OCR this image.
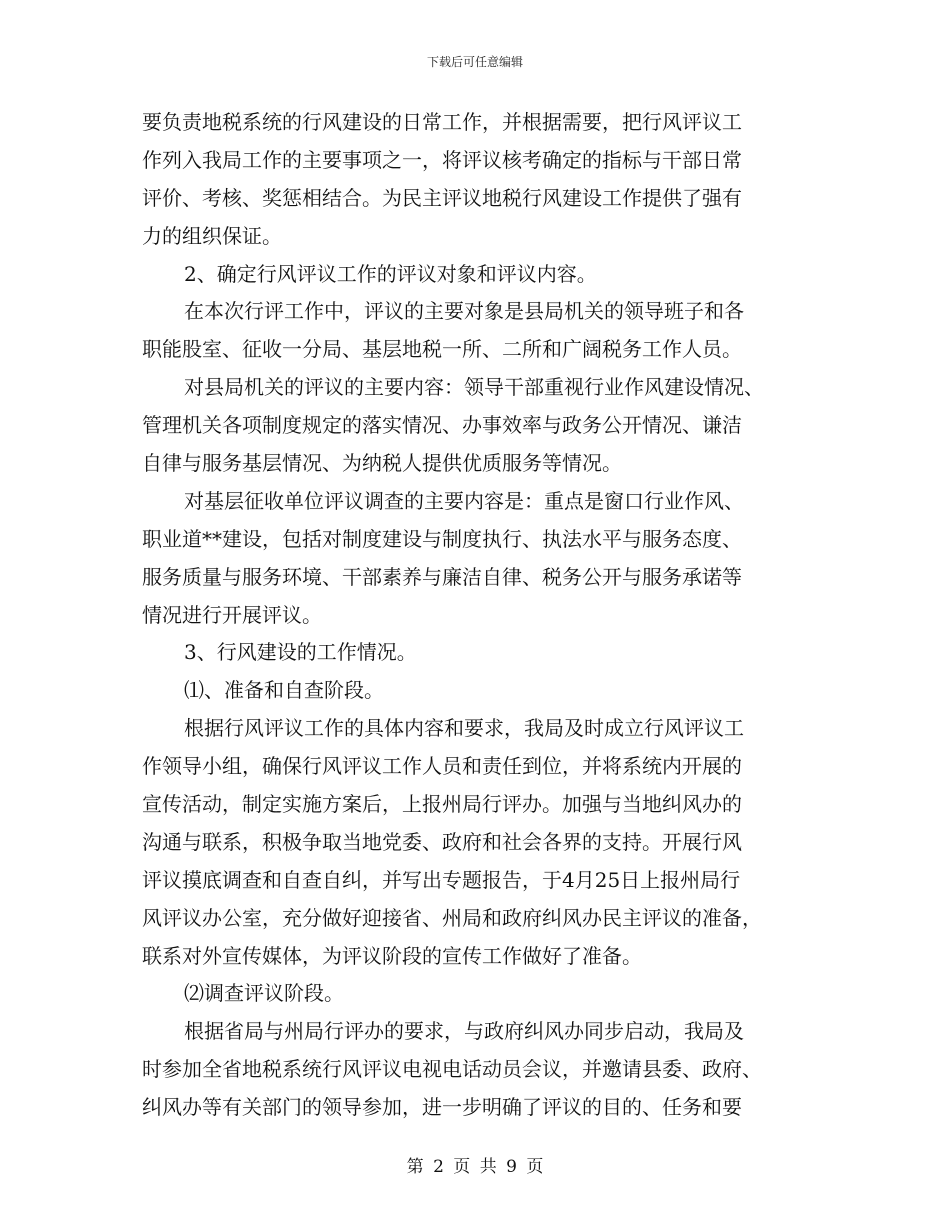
下载后可任意编辑
要负责地税系统的行风建设的日常工作，并根据需要，把行风评议工
作列入我局工作的主要事项之一，将评议核考确定的指标与干部日常
评价、考核、奖惩相结合。为民主评议地税行风建设工作提供了强有
力的组织保证。
2、确定行风评议工作的评议对象和评议内容。
在本次行评工作中，评议的主要对象是县局机关的领导班子和各
职能股室、征收一分局、基层地税一所、二所和广阔税务工作人员。
对县局机关的评议的主要内容：领导干部重视行业作风建设情况、
管理机关各项制度规定的落实情况、办事效率与政务公开情况、谦洁
自律与服务基层情况、为纳税人提供优质服务等情况。
对基层征收单位评议调查的主要内容是：重点是窗口行业作风、
职业道**建设，包括对制度建设与制度执行、执法水平与服务态度、
服务质量与服务环境、干部素养与廉洁自律、税务公开与服务承诺等
情况进行开展评议。
3、行风建设的工作情况。
⑴、准备和自查阶段。
根据行风评议工作的具体内容和要求，我局及时成立行风评议工
作领导小组，确保行风评议工作人员和责任到位，并将系统内开展的
宣传活动，制定实施方案后，上报州局行评办。加强与当地纠风办的
沟通与联系，积极争取当地党委、政府和社会各界的支持。开展行风
评议摸底调查和自查自纠，并写出专题报告，于4月25日上报州局行
风评议办公室，充分做好迎接省、州局和政府纠风办民主评议的准备，
联系对外宣传媒体，为评议阶段的宣传工作做好了准备。
⑵调查评议阶段。
根据省局与州局行评办的要求，与政府纠风办同步启动，我局及
时参加全省地税系统行风评议电视电话动员会议，并邀请县委、政府、
纠风办等有关部门的领导参加，进一步明确了评议的目的、任务和要
第 2 页 共 9 页
